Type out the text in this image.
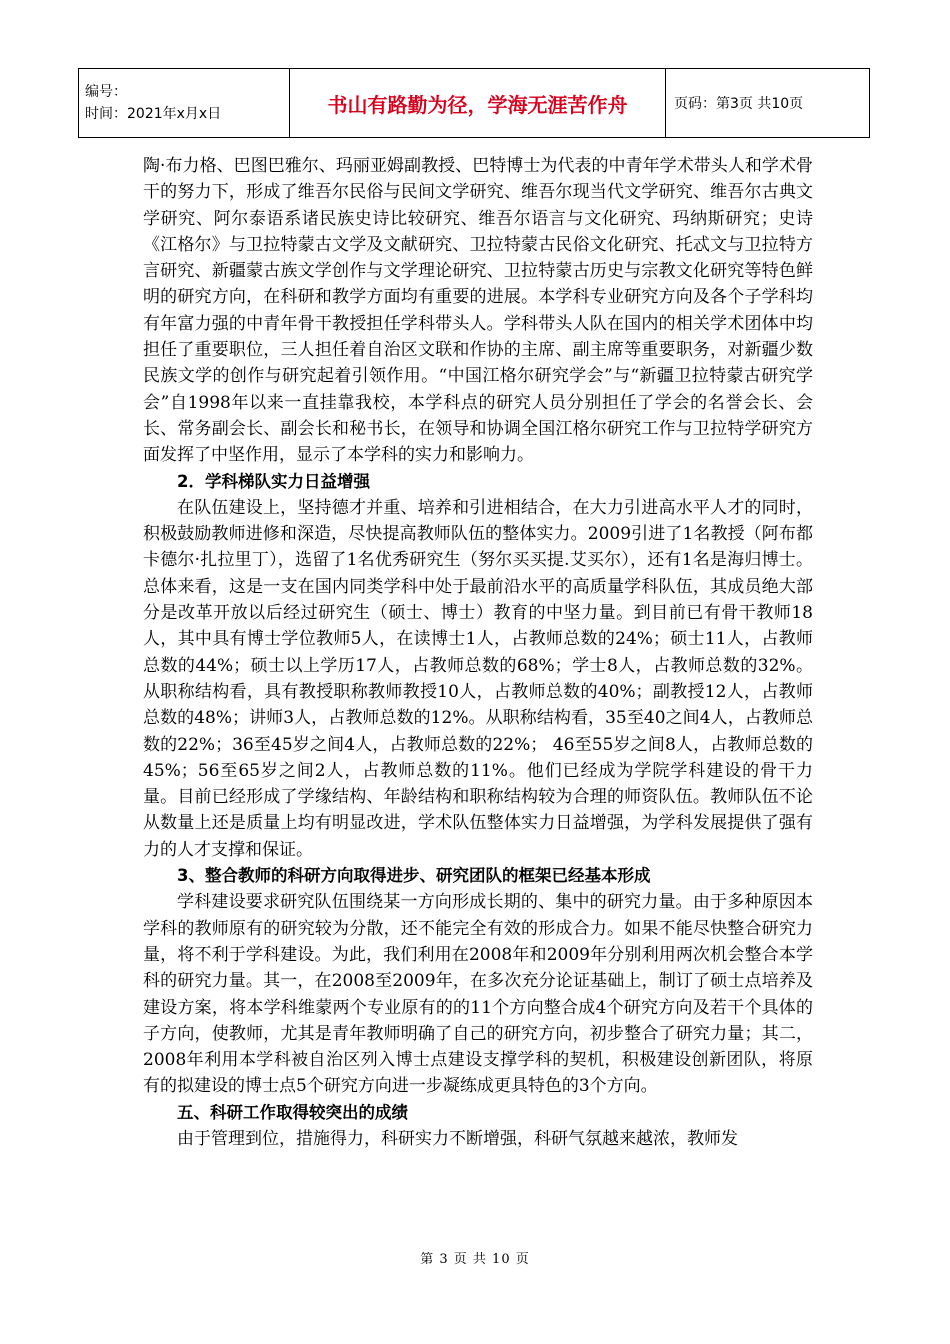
编号：
时间：2021年x月x日	书山有路勤为径，学海无涯苦作舟	页码：第3页 共10页

陶·布力格、巴图巴雅尔、玛丽亚姆副教授、巴特博士为代表的中青年学术带头人和学术骨干的努力下，形成了维吾尔民俗与民间文学研究、维吾尔现当代文学研究、维吾尔古典文学研究、阿尔泰语系诸民族史诗比较研究、维吾尔语言与文化研究、玛纳斯研究；史诗《江格尔》与卫拉特蒙古文学及文献研究、卫拉特蒙古民俗文化研究、托忒文与卫拉特方言研究、新疆蒙古族文学创作与文学理论研究、卫拉特蒙古历史与宗教文化研究等特色鲜明的研究方向，在科研和教学方面均有重要的进展。本学科专业研究方向及各个子学科均有年富力强的中青年骨干教授担任学科带头人。学科带头人队在国内的相关学术团体中均担任了重要职位，三人担任着自治区文联和作协的主席、副主席等重要职务，对新疆少数民族文学的创作与研究起着引领作用。“中国江格尔研究学会”与“新疆卫拉特蒙古研究学会”自1998年以来一直挂靠我校，本学科点的研究人员分别担任了学会的名誉会长、会长、常务副会长、副会长和秘书长，在领导和协调全国江格尔研究工作与卫拉特学研究方面发挥了中坚作用，显示了本学科的实力和影响力。

2．学科梯队实力日益增强

在队伍建设上，坚持德才并重、培养和引进相结合，在大力引进高水平人才的同时，积极鼓励教师进修和深造，尽快提高教师队伍的整体实力。2009引进了1名教授（阿布都卡德尔·扎拉里丁），选留了1名优秀研究生（努尔买买提.艾买尔），还有1名是海归博士。总体来看，这是一支在国内同类学科中处于最前沿水平的高质量学科队伍，其成员绝大部分是改革开放以后经过研究生（硕士、博士）教育的中坚力量。到目前已有骨干教师18人，其中具有博士学位教师5人，在读博士1人，占教师总数的24%；硕士11人，占教师总数的44%；硕士以上学历17人，占教师总数的68%；学士8人，占教师总数的32%。从职称结构看，具有教授职称教师教授10人，占教师总数的40%；副教授12人，占教师总数的48%；讲师3人，占教师总数的12%。从职称结构看，35至40之间4人，占教师总数的22%；36至45岁之间4人，占教师总数的22%； 46至55岁之间8人，占教师总数的45%；56至65岁之间2人，占教师总数的11%。他们已经成为学院学科建设的骨干力量。目前已经形成了学缘结构、年龄结构和职称结构较为合理的师资队伍。教师队伍不论从数量上还是质量上均有明显改进，学术队伍整体实力日益增强，为学科发展提供了强有力的人才支撑和保证。

3、整合教师的科研方向取得进步、研究团队的框架已经基本形成

学科建设要求研究队伍围绕某一方向形成长期的、集中的研究力量。由于多种原因本学科的教师原有的研究较为分散，还不能完全有效的形成合力。如果不能尽快整合研究力量，将不利于学科建设。为此，我们利用在2008年和2009年分别利用两次机会整合本学科的研究力量。其一，在2008至2009年，在多次充分论证基础上，制订了硕士点培养及建设方案，将本学科维蒙两个专业原有的的11个方向整合成4个研究方向及若干个具体的子方向，使教师，尤其是青年教师明确了自己的研究方向，初步整合了研究力量；其二，2008年利用本学科被自治区列入博士点建设支撑学科的契机，积极建设创新团队，将原有的拟建设的博士点5个研究方向进一步凝练成更具特色的3个方向。

五、科研工作取得较突出的成绩

由于管理到位，措施得力，科研实力不断增强，科研气氛越来越浓，教师发

第 3 页 共 10 页
